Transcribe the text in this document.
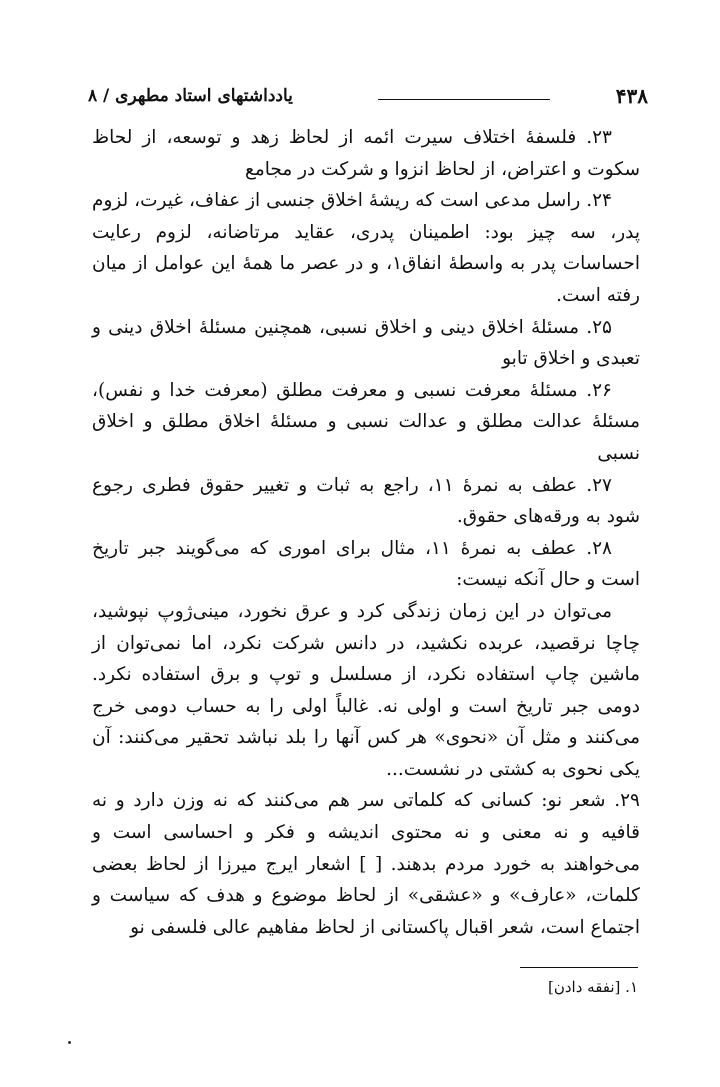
۴۳۸
یادداشتهای استاد مطهری / ۸

۲۳. فلسفهٔ اختلاف سیرت ائمه از لحاظ زهد و توسعه، از لحاظ سکوت و اعتراض، از لحاظ انزوا و شرکت در مجامع

۲۴. راسل مدعی است که ریشهٔ اخلاق جنسی از عفاف، غیرت، لزوم پدر، سه چیز بود: اطمینان پدری، عقاید مرتاضانه، لزوم رعایت احساسات پدر به واسطهٔ انفاق۱، و در عصر ما همهٔ این عوامل از میان رفته است.

۲۵. مسئلهٔ اخلاق دینی و اخلاق نسبی، همچنین مسئلهٔ اخلاق دینی و تعبدی و اخلاق تابو

۲۶. مسئلهٔ معرفت نسبی و معرفت مطلق (معرفت خدا و نفس)، مسئلهٔ عدالت مطلق و عدالت نسبی و مسئلهٔ اخلاق مطلق و اخلاق نسبی

۲۷. عطف به نمرهٔ ۱۱، راجع به ثبات و تغییر حقوق فطری رجوع شود به ورقه‌های حقوق.

۲۸. عطف به نمرهٔ ۱۱، مثال برای اموری که می‌گویند جبر تاریخ است و حال آنکه نیست:

می‌توان در این زمان زندگی کرد و عرق نخورد، مینی‌ژوپ نپوشید، چاچا نرقصید، عربده نکشید، در دانس شرکت نکرد، اما نمی‌توان از ماشین چاپ استفاده نکرد، از مسلسل و توپ و برق استفاده نکرد. دومی جبر تاریخ است و اولی نه. غالباً اولی را به حساب دومی خرج می‌کنند و مثل آن «نحوی» هر کس آنها را بلد نباشد تحقیر می‌کنند: آن یکی نحوی به کشتی در نشست...

۲۹. شعر نو: کسانی که کلماتی سر هم می‌کنند که نه وزن دارد و نه قافیه و نه معنی و نه محتوی اندیشه و فکر و احساسی است و می‌خواهند به خورد مردم بدهند. [ ] اشعار ایرج میرزا از لحاظ بعضی کلمات، «عارف» و «عشقی» از لحاظ موضوع و هدف که سیاست و اجتماع است، شعر اقبال پاکستانی از لحاظ مفاهیم عالی فلسفی نو

۱. [نفقه دادن]
